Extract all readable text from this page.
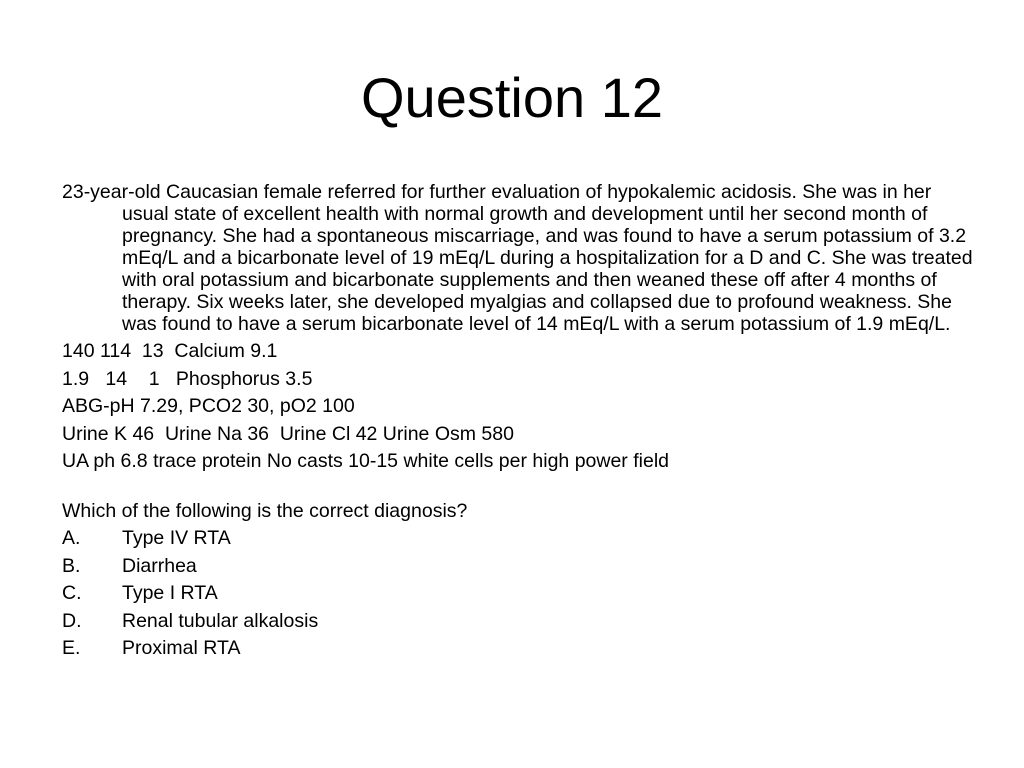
Question 12

23-year-old Caucasian female referred for further evaluation of hypokalemic acidosis. She was in her usual state of excellent health with normal growth and development until her second month of pregnancy. She had a spontaneous miscarriage, and was found to have a serum potassium of 3.2 mEq/L and a bicarbonate level of 19 mEq/L during a hospitalization for a D and C. She was treated with oral potassium and bicarbonate supplements and then weaned these off after 4 months of therapy. Six weeks later, she developed myalgias and collapsed due to profound weakness. She was found to have a serum bicarbonate level of 14 mEq/L with a serum potassium of 1.9 mEq/L.

140 114  13  Calcium 9.1
1.9   14    1   Phosphorus 3.5
ABG-pH 7.29, PCO2 30, pO2 100
Urine K 46  Urine Na 36  Urine Cl 42 Urine Osm 580
UA ph 6.8 trace protein No casts 10-15 white cells per high power field
Which of the following is the correct diagnosis?
A.	Type IV RTA
B.	Diarrhea
C.	Type I RTA
D.	Renal tubular alkalosis
E.	Proximal RTA
